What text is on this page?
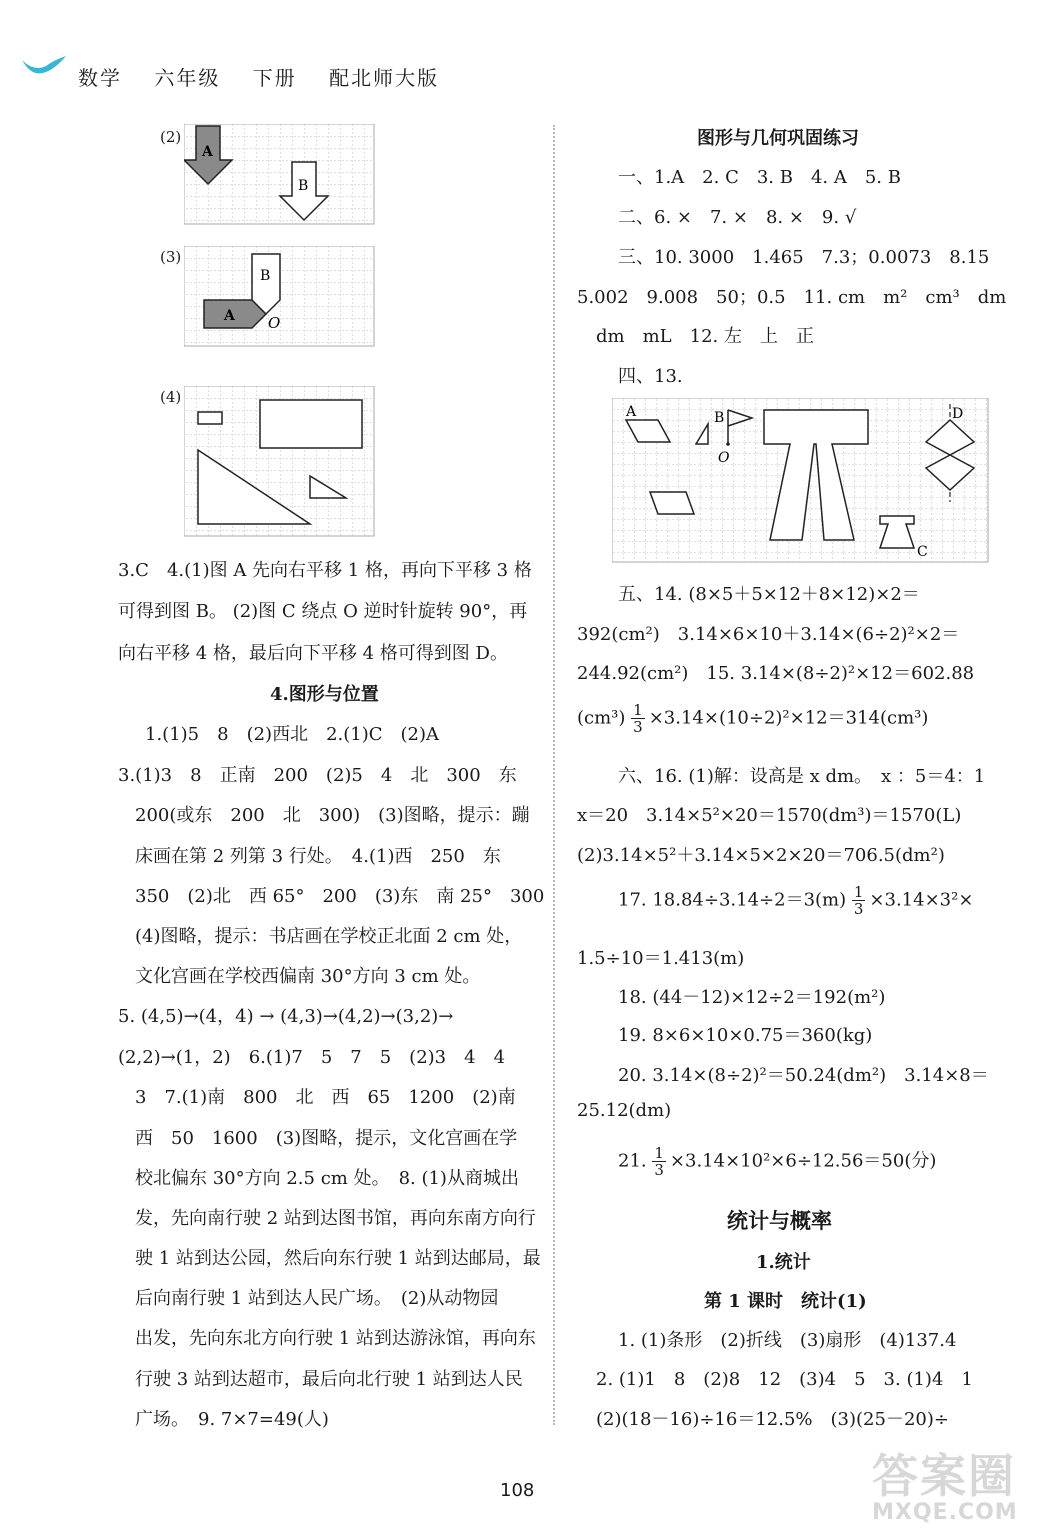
数学 六年级 下册 配北师大版
(2)
A
B
(3)
A
B
O
(4)
3.C　4.(1)图 A 先向右平移 1 格，再向下平移 3 格
可得到图 B。 (2)图 C 绕点 O 逆时针旋转 90°，再
向右平移 4 格，最后向下平移 4 格可得到图 D。
4.图形与位置
1.(1)5　8　(2)西北　2.(1)C　(2)A
3.(1)3　8　正南　200　(2)5　4　北　300　东
200(或东　200　北　300)　(3)图略，提示：蹦
床画在第 2 列第 3 行处。　4.(1)西　250　东
350　(2)北　西 65°　200　(3)东　南 25°　300
(4)图略，提示：书店画在学校正北面 2 cm 处，
文化宫画在学校西偏南 30°方向 3 cm 处。
5. (4,5)→(4，4) → (4,3)→(4,2)→(3,2)→
(2,2)→(1，2)　6.(1)7　5　7　5　(2)3　4　4
3　7.(1)南　800　北　西　65　1200　(2)南
西　50　1600　(3)图略，提示，文化宫画在学
校北偏东 30°方向 2.5 cm 处。　8. (1)从商城出
发，先向南行驶 2 站到达图书馆，再向东南方向行
驶 1 站到达公园，然后向东行驶 1 站到达邮局，最
后向南行驶 1 站到达人民广场。　(2)从动物园
出发，先向东北方向行驶 1 站到达游泳馆，再向东
行驶 3 站到达超市，最后向北行驶 1 站到达人民
广场。　9. 7×7=49(人)
图形与几何巩固练习
一、1.A　2. C　3. B　4. A　5. B
二、6. ×　7. ×　8. ×　9. √
三、10. 3000　1.465　7.3；0.0073　8.15
5.002　9.008　50；0.5　11. cm　m²　cm³　dm
dm　mL　12. 左　上　正
四、13.
A	B
O
C
D
五、14. (8×5＋5×12＋8×12)×2＝
392(cm²)　3.14×6×10＋3.14×(6÷2)²×2＝
244.92(cm²)　15. 3.14×(8÷2)²×12＝602.88
$(cm^3) \frac{1}{3} \times 3.14\times(10\div 2)^2\times 12=314(cm^3)$
六、16. (1)解：设高是 x dm。　x ：5＝4：1
x＝20　3.14×5²×20＝1570(dm³)＝1570(L)
(2)3.14×5²＋3.14×5×2×20＝706.5(dm²)
17. $18.84\div 3.14\div 2=3(m) \frac{1}{3} \times 3.14\times 3^2\times$
1.5÷10＝1.413(m)
18. (44－12)×12÷2＝192(m²)
19. 8×6×10×0.75＝360(kg)
20. 3.14×(8÷2)²＝50.24(dm²)　3.14×8＝
25.12(dm)
21. $\frac{1}{3} \times 3.14\times 10^2\times 6\div 12.56=50$(分)
统计与概率
1.统计
第 1 课时　统计(1)
1. (1)条形　(2)折线　(3)扇形　(4)137.4
2. (1)1　8　(2)8　12　(3)4　5　3. (1)4　1
(2)(18－16)÷16＝12.5%　(3)(25－20)÷
108	答案圈
MXQE.COM
